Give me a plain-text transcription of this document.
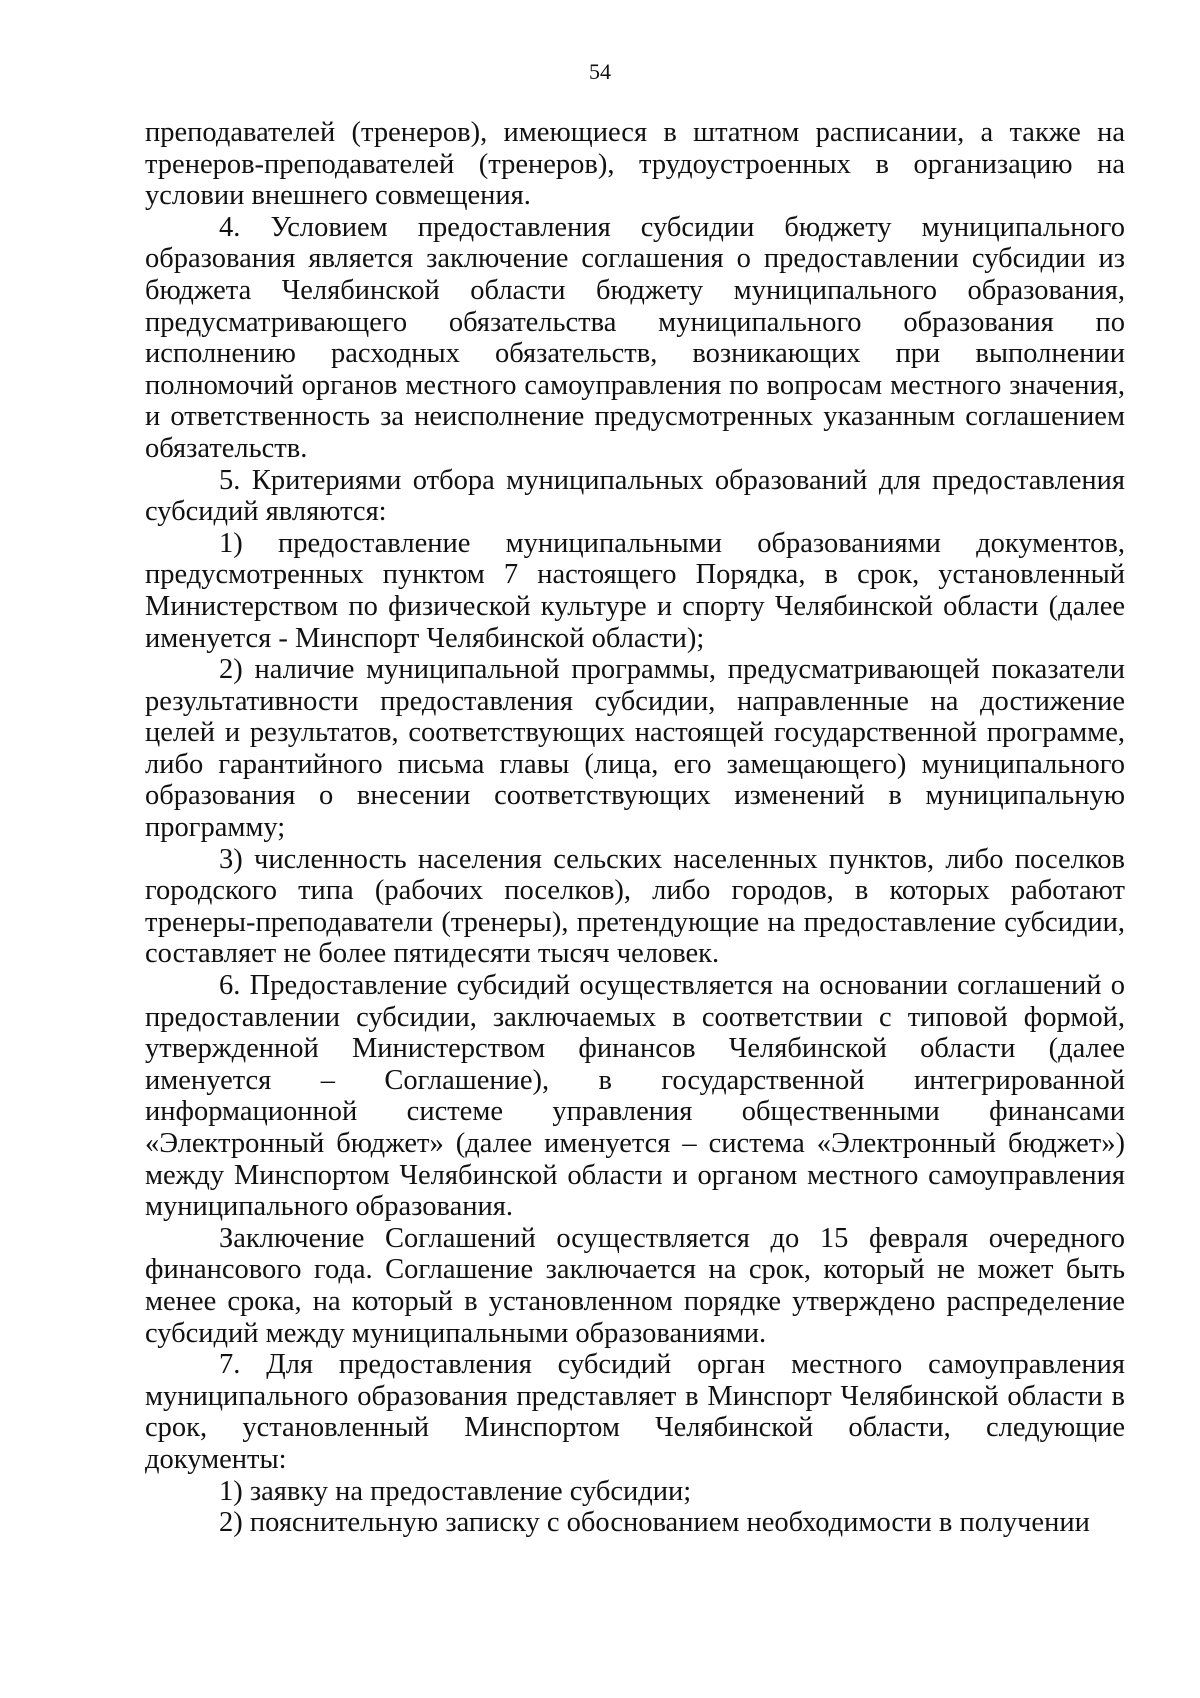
54

преподавателей (тренеров), имеющиеся в штатном расписании, а также на тренеров-преподавателей (тренеров), трудоустроенных в организацию на условии внешнего совмещения.

4. Условием предоставления субсидии бюджету муниципального образования является заключение соглашения о предоставлении субсидии из бюджета Челябинской области бюджету муниципального образования, предусматривающего обязательства муниципального образования по исполнению расходных обязательств, возникающих при выполнении полномочий органов местного самоуправления по вопросам местного значения, и ответственность за неисполнение предусмотренных указанным соглашением обязательств.

5. Критериями отбора муниципальных образований для предоставления субсидий являются:

1) предоставление муниципальными образованиями документов, предусмотренных пунктом 7 настоящего Порядка, в срок, установленный Министерством по физической культуре и спорту Челябинской области (далее именуется - Минспорт Челябинской области);

2) наличие муниципальной программы, предусматривающей показатели результативности предоставления субсидии, направленные на достижение целей и результатов, соответствующих настоящей государственной программе, либо гарантийного письма главы (лица, его замещающего) муниципального образования о внесении соответствующих изменений в муниципальную программу;

3) численность населения сельских населенных пунктов, либо поселков городского типа (рабочих поселков), либо городов, в которых работают тренеры-преподаватели (тренеры), претендующие на предоставление субсидии, составляет не более пятидесяти тысяч человек.

6. Предоставление субсидий осуществляется на основании соглашений о предоставлении субсидии, заключаемых в соответствии с типовой формой, утвержденной Министерством финансов Челябинской области (далее именуется – Соглашение), в государственной интегрированной информационной системе управления общественными финансами «Электронный бюджет» (далее именуется – система «Электронный бюджет») между Минспортом Челябинской области и органом местного самоуправления муниципального образования.

Заключение Соглашений осуществляется до 15 февраля очередного финансового года. Соглашение заключается на срок, который не может быть менее срока, на который в установленном порядке утверждено распределение субсидий между муниципальными образованиями.

7. Для предоставления субсидий орган местного самоуправления муниципального образования представляет в Минспорт Челябинской области в срок, установленный Минспортом Челябинской области, следующие документы:

1) заявку на предоставление субсидии;

2) пояснительную записку с обоснованием необходимости в получении
